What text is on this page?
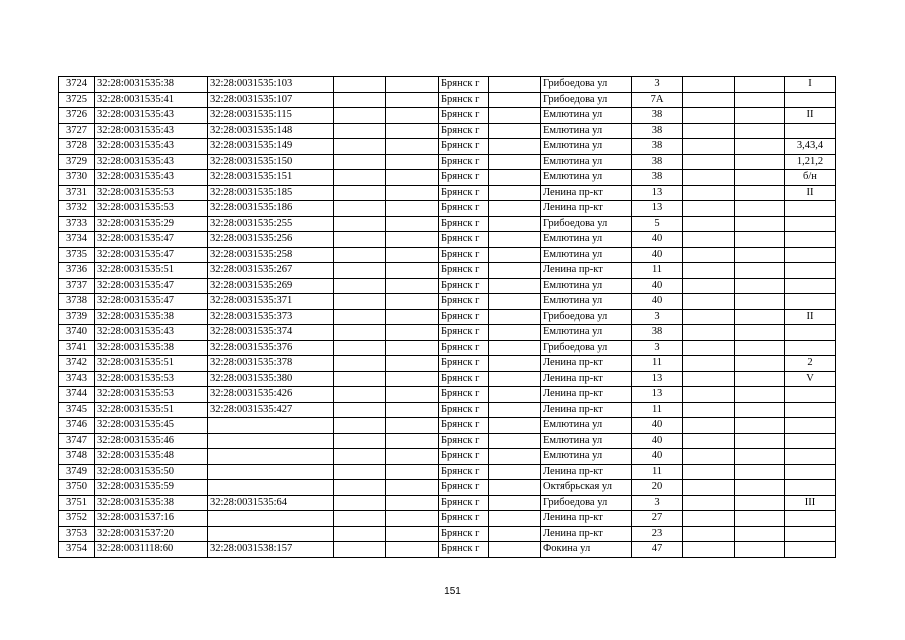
3724	32:28:0031535:38	32:28:0031535:103			Брянск г		Грибоедова ул	3			I
3725	32:28:0031535:41	32:28:0031535:107			Брянск г		Грибоедова ул	7А			
3726	32:28:0031535:43	32:28:0031535:115			Брянск г		Емлютина ул	38			II
3727	32:28:0031535:43	32:28:0031535:148			Брянск г		Емлютина ул	38			
3728	32:28:0031535:43	32:28:0031535:149			Брянск г		Емлютина ул	38			3,43,4
3729	32:28:0031535:43	32:28:0031535:150			Брянск г		Емлютина ул	38			1,21,2
3730	32:28:0031535:43	32:28:0031535:151			Брянск г		Емлютина ул	38			б/н
3731	32:28:0031535:53	32:28:0031535:185			Брянск г		Ленина пр-кт	13			II
3732	32:28:0031535:53	32:28:0031535:186			Брянск г		Ленина пр-кт	13			
3733	32:28:0031535:29	32:28:0031535:255			Брянск г		Грибоедова ул	5			
3734	32:28:0031535:47	32:28:0031535:256			Брянск г		Емлютина ул	40			
3735	32:28:0031535:47	32:28:0031535:258			Брянск г		Емлютина ул	40			
3736	32:28:0031535:51	32:28:0031535:267			Брянск г		Ленина пр-кт	11			
3737	32:28:0031535:47	32:28:0031535:269			Брянск г		Емлютина ул	40			
3738	32:28:0031535:47	32:28:0031535:371			Брянск г		Емлютина ул	40			
3739	32:28:0031535:38	32:28:0031535:373			Брянск г		Грибоедова ул	3			II
3740	32:28:0031535:43	32:28:0031535:374			Брянск г		Емлютина ул	38			
3741	32:28:0031535:38	32:28:0031535:376			Брянск г		Грибоедова ул	3			
3742	32:28:0031535:51	32:28:0031535:378			Брянск г		Ленина пр-кт	11			2
3743	32:28:0031535:53	32:28:0031535:380			Брянск г		Ленина пр-кт	13			V
3744	32:28:0031535:53	32:28:0031535:426			Брянск г		Ленина пр-кт	13			
3745	32:28:0031535:51	32:28:0031535:427			Брянск г		Ленина пр-кт	11			
3746	32:28:0031535:45				Брянск г		Емлютина ул	40			
3747	32:28:0031535:46				Брянск г		Емлютина ул	40			
3748	32:28:0031535:48				Брянск г		Емлютина ул	40			
3749	32:28:0031535:50				Брянск г		Ленина пр-кт	11			
3750	32:28:0031535:59				Брянск г		Октябрьская ул	20			
3751	32:28:0031535:38	32:28:0031535:64			Брянск г		Грибоедова ул	3			III
3752	32:28:0031537:16				Брянск г		Ленина пр-кт	27			
3753	32:28:0031537:20				Брянск г		Ленина пр-кт	23			
3754	32:28:0031118:60	32:28:0031538:157			Брянск г		Фокина ул	47			
151
